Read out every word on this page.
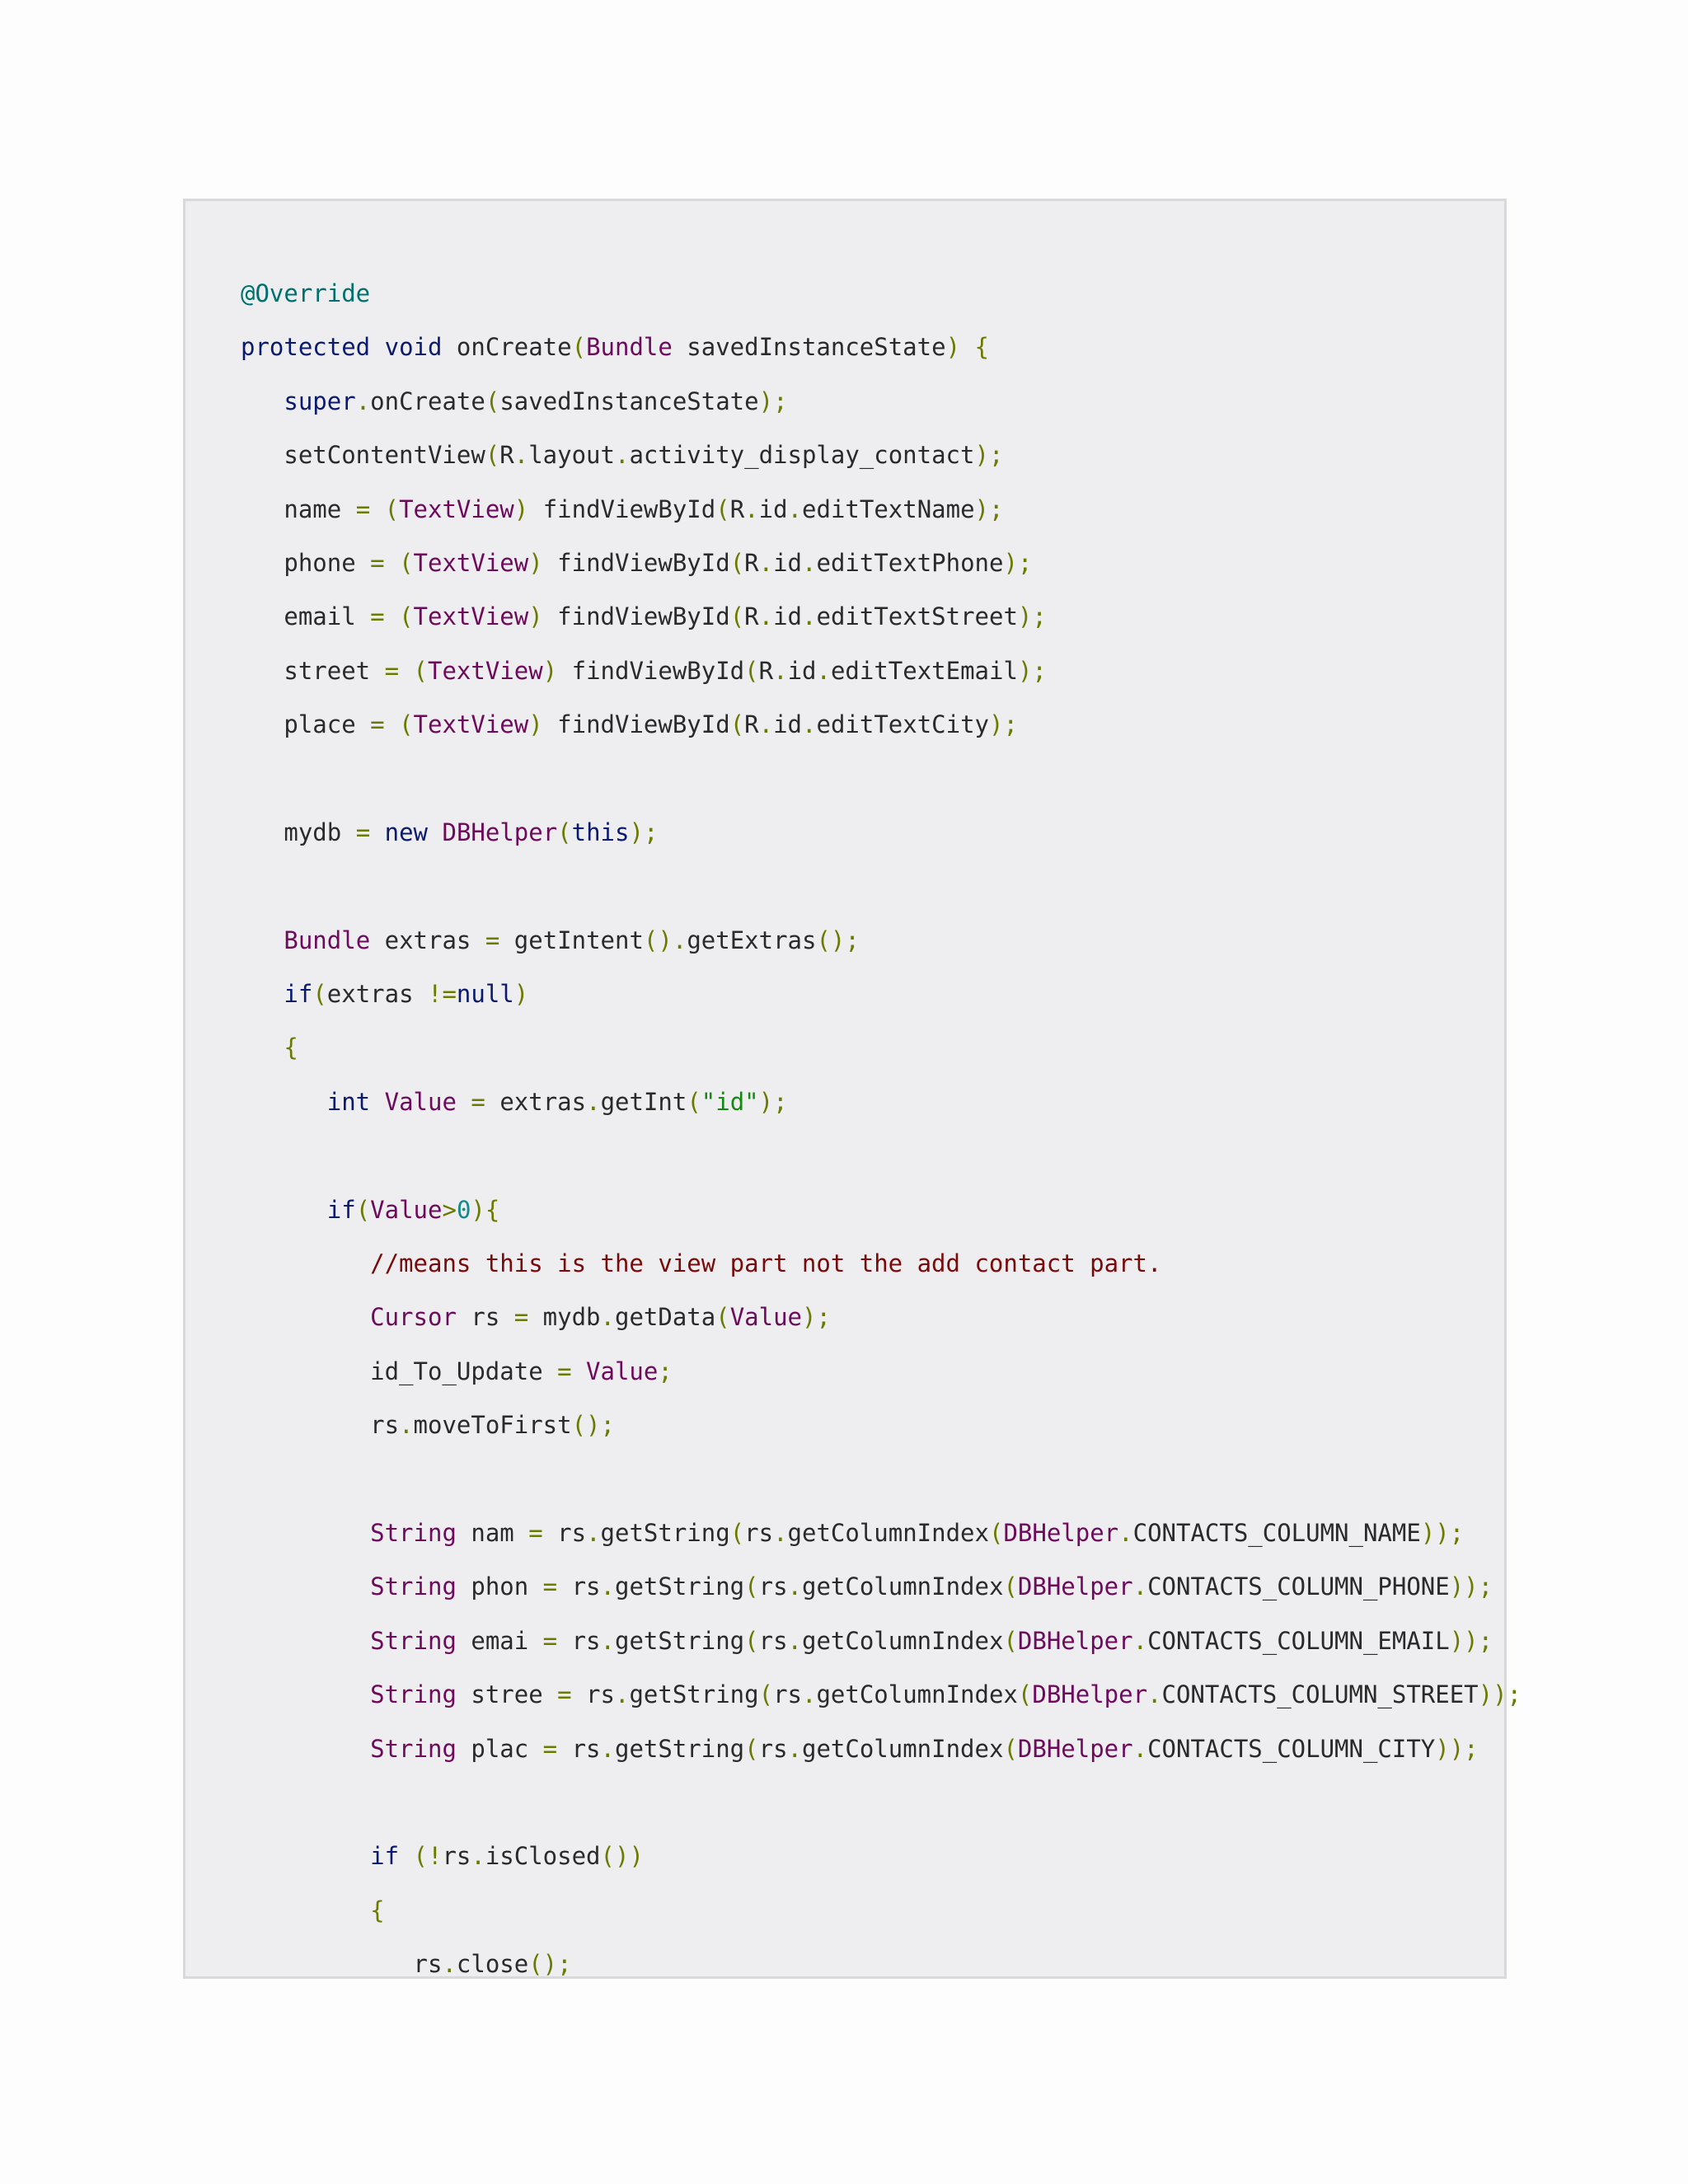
@Override
protected void onCreate(Bundle savedInstanceState) {
super.onCreate(savedInstanceState);
setContentView(R.layout.activity_display_contact);
name = (TextView) findViewById(R.id.editTextName);
phone = (TextView) findViewById(R.id.editTextPhone);
email = (TextView) findViewById(R.id.editTextStreet);
street = (TextView) findViewById(R.id.editTextEmail);
place = (TextView) findViewById(R.id.editTextCity);

mydb = new DBHelper(this);

Bundle extras = getIntent().getExtras();
if(extras !=null)
{
int Value = extras.getInt("id");

if(Value>0){
//means this is the view part not the add contact part.
Cursor rs = mydb.getData(Value);
id_To_Update = Value;
rs.moveToFirst();

String nam = rs.getString(rs.getColumnIndex(DBHelper.CONTACTS_COLUMN_NAME));
String phon = rs.getString(rs.getColumnIndex(DBHelper.CONTACTS_COLUMN_PHONE));
String emai = rs.getString(rs.getColumnIndex(DBHelper.CONTACTS_COLUMN_EMAIL));
String stree = rs.getString(rs.getColumnIndex(DBHelper.CONTACTS_COLUMN_STREET));
String plac = rs.getString(rs.getColumnIndex(DBHelper.CONTACTS_COLUMN_CITY));

if (!rs.isClosed())
{
rs.close();
